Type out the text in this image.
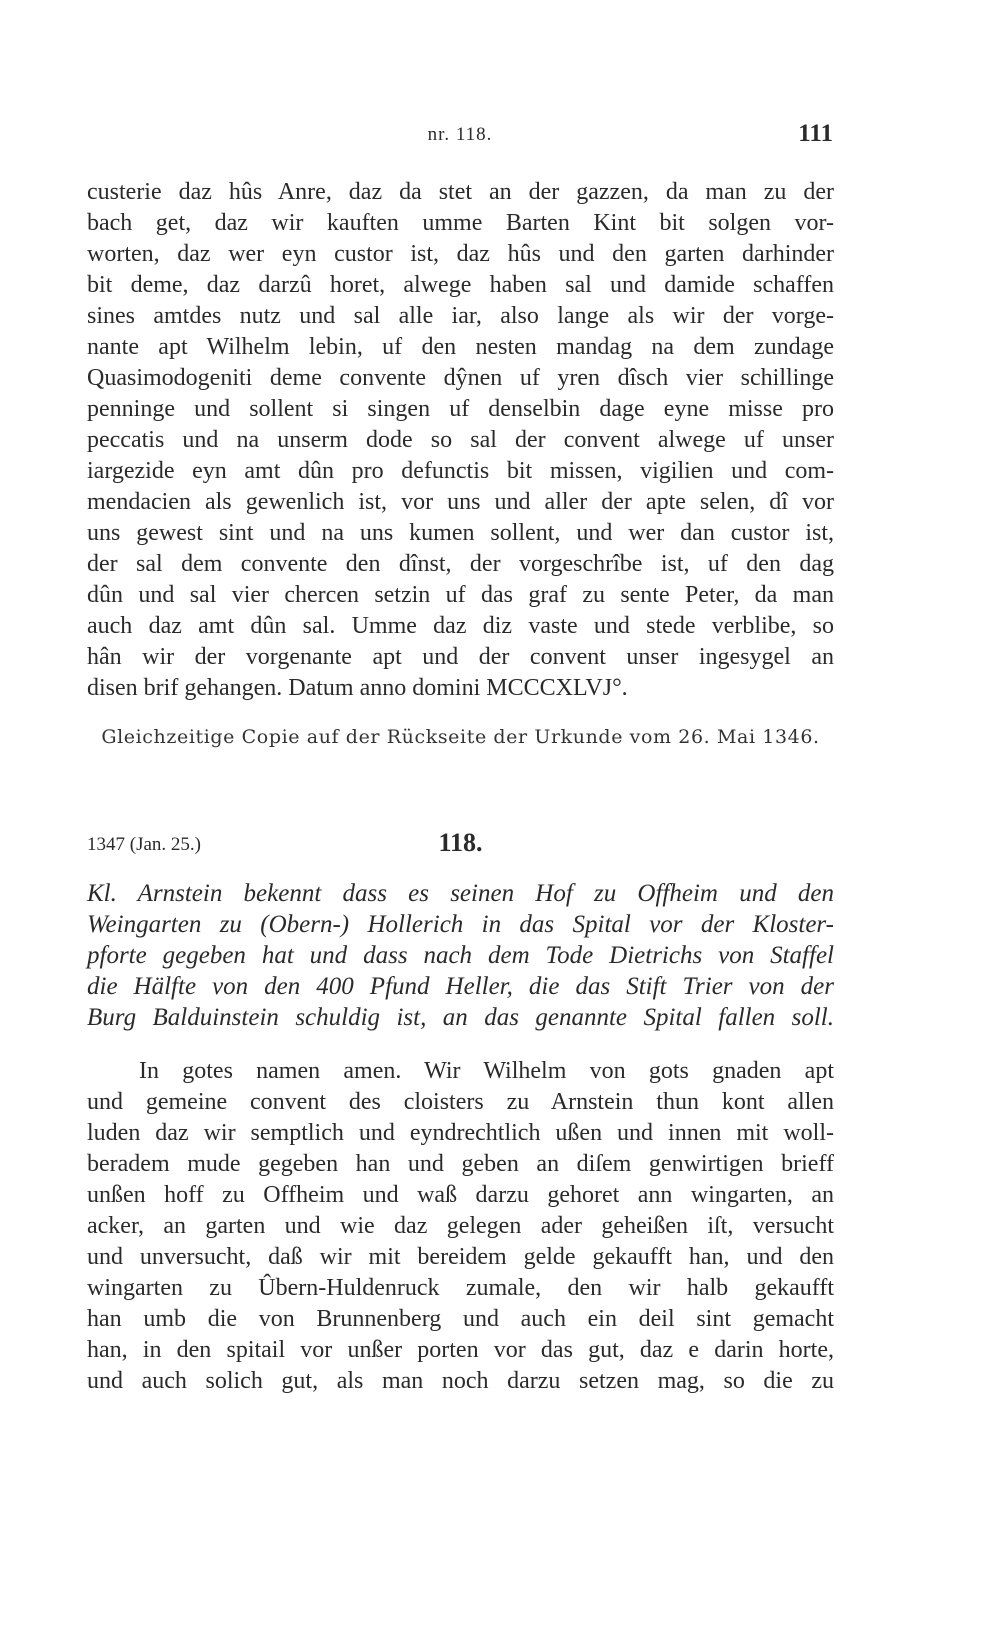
nr. 118.	111
custerie daz hûs Anre, daz da stet an der gazzen, da man zu der
bach get, daz wir kauften umme Barten Kint bit solgen vor-
worten, daz wer eyn custor ist, daz hûs und den garten darhinder
bit deme, daz darzû horet, alwege haben sal und damide schaffen
sines amtdes nutz und sal alle iar, also lange als wir der vorge-
nante apt Wilhelm lebin, uf den nesten mandag na dem zundage
Quasimodogeniti deme convente dŷnen uf yren dîsch vier schillinge
penninge und sollent si singen uf denselbin dage eyne misse pro
peccatis und na unserm dode so sal der convent alwege uf unser
iargezide eyn amt dûn pro defunctis bit missen, vigilien und com-
mendacien als gewenlich ist, vor uns und aller der apte selen, dî vor
uns gewest sint und na uns kumen sollent, und wer dan custor ist,
der sal dem convente den dînst, der vorgeschrîbe ist, uf den dag
dûn und sal vier chercen setzin uf das graf zu sente Peter, da man
auch daz amt dûn sal. Umme daz diz vaste und stede verblibe, so
hân wir der vorgenante apt und der convent unser ingesygel an
disen brif gehangen. Datum anno domini MCCCXLVJ°.
Gleichzeitige Copie auf der Rückseite der Urkunde vom 26. Mai 1346.
1347 (Jan. 25.)	118.
Kl. Arnstein bekennt dass es seinen Hof zu Offheim und den
Weingarten zu (Obern-) Hollerich in das Spital vor der Kloster-
pforte gegeben hat und dass nach dem Tode Dietrichs von Staffel
die Hälfte von den 400 Pfund Heller, die das Stift Trier von der
Burg Balduinstein schuldig ist, an das genannte Spital fallen soll.
In gotes namen amen. Wir Wilhelm von gots gnaden apt
und gemeine convent des cloisters zu Arnstein thun kont allen
luden daz wir semptlich und eyndrechtlich ußen und innen mit woll-
beradem mude gegeben han und geben an diſem genwirtigen brieff
unßen hoff zu Offheim und waß darzu gehoret ann wingarten, an
acker, an garten und wie daz gelegen ader geheißen iſt, versucht
und unversucht, daß wir mit bereidem gelde gekaufft han, und den
wingarten zu Ûbern-Huldenruck zumale, den wir halb gekaufft
han umb die von Brunnenberg und auch ein deil sint gemacht
han, in den spitail vor unßer porten vor das gut, daz e darin horte,
und auch solich gut, als man noch darzu setzen mag, so die zu
